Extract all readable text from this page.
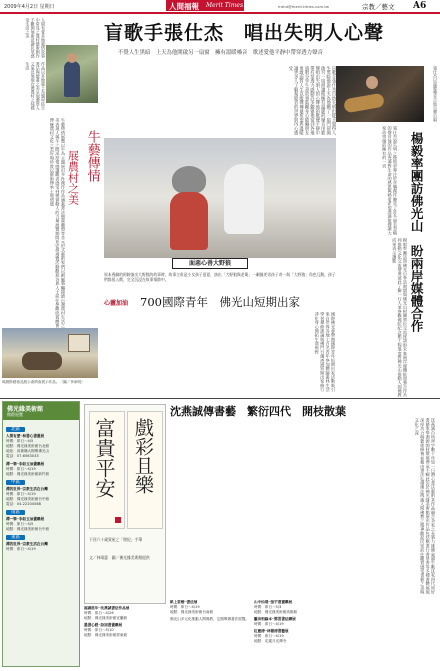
2009年4月2日 星期日	人間福報 Merit Times	mtnd@merit-times.com.tw	宗教／藝文 A6
人間有愛本地風情故事中常見之農村藝術創作不斷開展新意讓民眾感受生活之美
作品以本地風土為題材結合書法與繪畫之美呈現濃厚人文氣息展現台灣農村之純樸生活
牛藝傳情
展農村之美
牛藝傳情展覽以牛為主題展出多件創作作品涵蓋書法繪畫雕塑等多元形式藝術家們以細膩筆觸描繪台灣農村生活之美表現人與牛之間深厚情感讓觀者感受到樸實動人的力量展覽期間並安排導覽活動歡迎各界人士前往參觀欣賞體會傳統農村文化之美好與珍貴以藝術傳承土地情感
瑪納斯藝術品展示會將會展示作品。（圖／李承明）
盲歌手張仕杰　唱出失明人心聲
不覺人生黑暗　上天為他開啟另一扇窗　擁有溫暖嗓音　歌述愛他平靜中帶穿透力聲音
張仕杰以溫暖嗓音吉他自彈自唱
盲歌手張仕杰自幼失明但從不覺得人生黑暗他說上天為他關了一扇門卻開啟另一扇窗讓他擁有溫暖的嗓音用歌聲唱出失明人的心聲他的歌聲平靜中帶有穿透力感動許多聽眾他常到各地演唱分享生命故事鼓勵身心障礙朋友勇敢面對人生以歌聲傳遞希望與溫暖讓更多人了解視障者的世界與內心感受
面惡心善大野狼
原本喪劇的阿婉演出大野狼的故事時，故事主角是小女孩子夏夏，演出「大野狼與老婆」一劇描述男孩子奇一與「大野狼」角色互動，孩子們都很入戲，完全沉浸在故事情節中。
張仕杰說失明之後他更專注於音樂創作聽見了許多過去忽略的聲音他的作品充滿對生命的感恩與熱愛希望透過歌聲讓大家珍惜眼前擁有的一切	楊毅率團訪佛光山　盼兩岸媒體合作
楊毅率團訪問佛光山參訪期間與佛光山相關單位交流座談盼未來兩岸媒體能加強合作共同推動文化交流增進彼此了解一行人並參觀佛陀紀念館工程進度對佛光山推動人間佛教成果表示讚歎
心靈加油 700國際青年　佛光山短期出家
國際佛光會舉辦國際青年短期出家活動吸引來自世界各地七百名青年參加體驗叢林生活學習禪修課誦與佛門行儀透過短期出家修行淨化身心開拓生命視野
佛光緣美術館
館際展覽
北區
人間有愛─林書心書畫展
時間：即日～4/5
地點：佛光緣美術館台北館
地址：高雄縣大樹鄉佛光山
電話：07-6563033
禪一筆─李如玉油畫聯展
時間：即日～4/19
地點：佛光緣美術館新竹館
中區
禪的世界─宗教生活在台灣
時間：即日～4/19
地點：佛光緣美術館台中館
電話：04-22204588
南區
禪一筆─李如玉油畫聯展
時間：即日～4/5
地點：佛光緣美術館台中館
東區
禪的世界─宗教生活在台灣
時間：即日～4/19
沈燕誠傳書藝　繁衍四代　開枝散葉
富貴平安
戲彩且樂
下回六十歲賀屋之「閒紀」手筆
文／林靖惠　圖／佛光緣美術館提供	沈燕誠自幼習字數十年如一日潛心書法藝術其作品融合各家之長筆力雄健氣韻生動沈家四代皆好書藝家學淵源開枝散葉傳承不輟此次於佛光緣美術館展出作品包括楷書行書草書等多種書體展現深厚功力與藝術修養並藉由書法弘揚佛法傳遞人間佛教之精神歡迎民眾前往觀賞感受書藝之美與文化之深
福壽延年─沈燕誠書法作品展
時間：即日～4/26
地點：佛光緣美術館宜蘭館
墨書心經─詩詞書畫聯展
時間：即日～5/10
地點：佛光緣美術館屏東館
紙上雲煙─書法展
時間：即日～4/19
地點：佛光緣美術館台南館
佛光山多元化推動人間佛教，定期舉辦書法展覽。
山中仙境─張宇書畫聯展
時間：即日～5/3
地點：佛光緣美術館高雄館
觀音相緣本─鄧雲書法聯展
時間：即日～4/19
紅塵清─林德清書藝展
時間：即日～4/19
地點：花蓮月光禪寺
